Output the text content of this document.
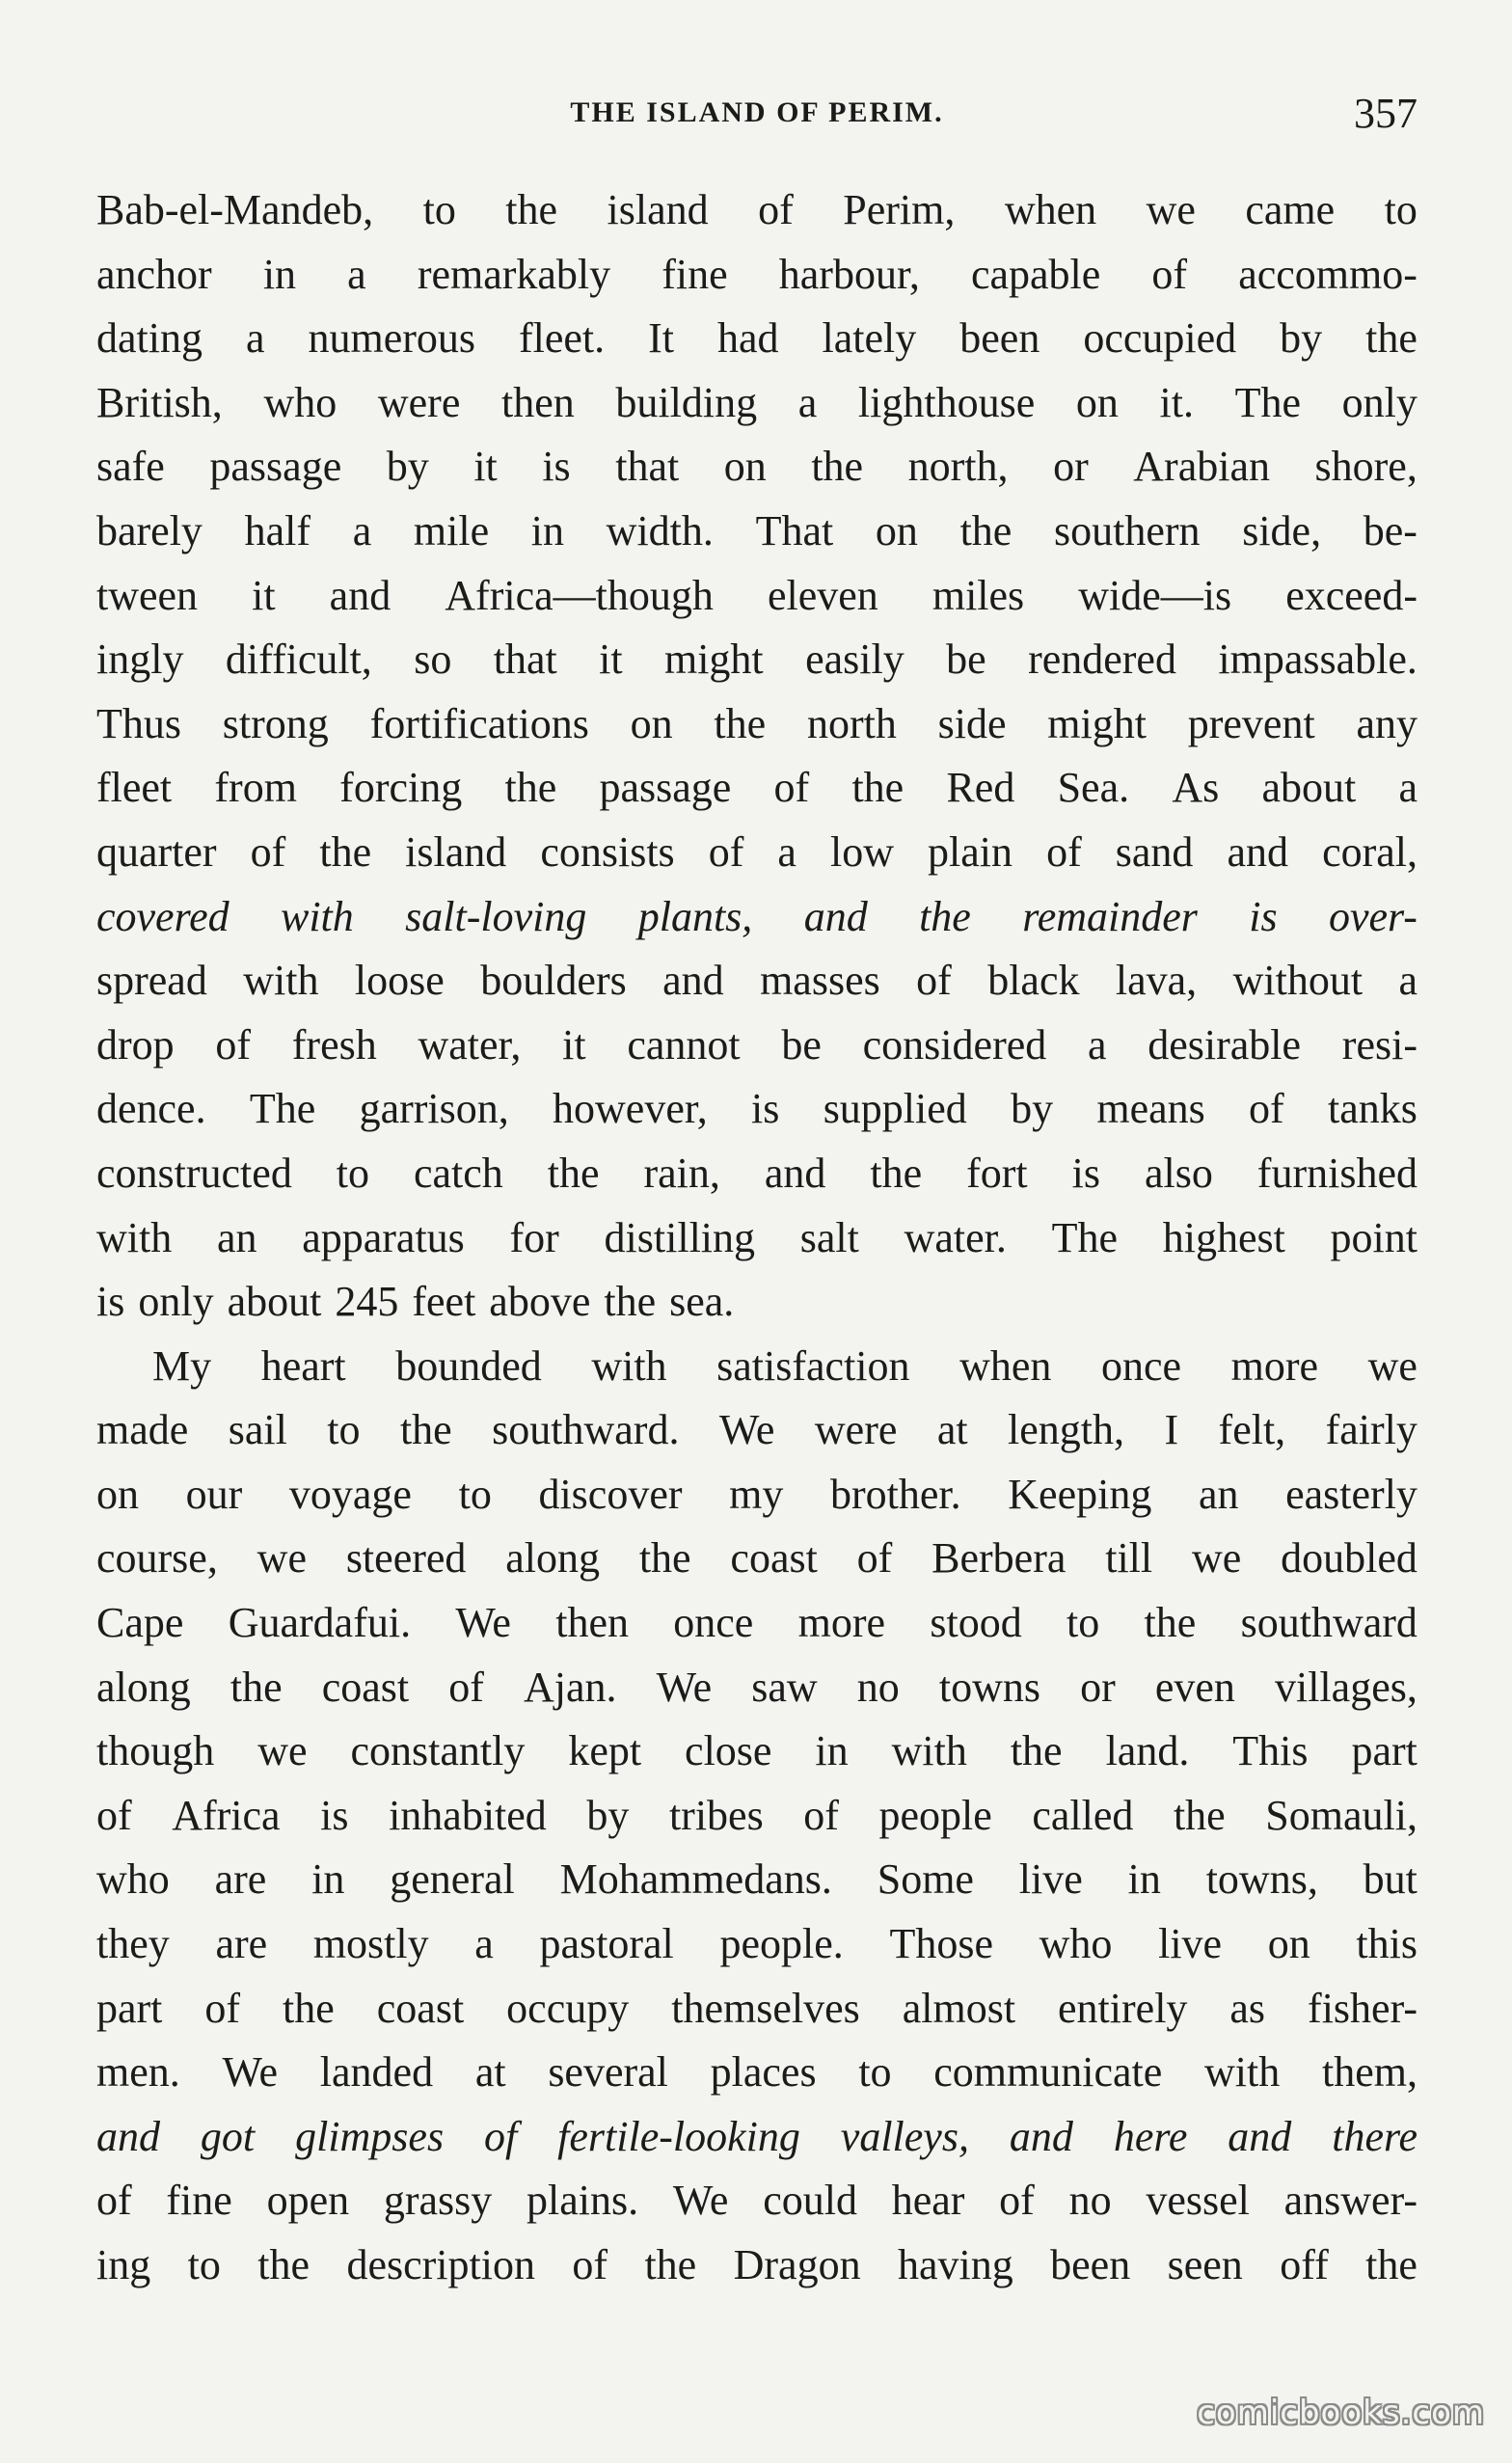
THE ISLAND OF PERIM.	357
Bab-el-Mandeb, to the island of Perim, when we came to
anchor in a remarkably fine harbour, capable of accommo-
dating a numerous fleet. It had lately been occupied by the
British, who were then building a lighthouse on it. The only
safe passage by it is that on the north, or Arabian shore,
barely half a mile in width. That on the southern side, be-
tween it and Africa—though eleven miles wide—is exceed-
ingly difficult, so that it might easily be rendered impassable.
Thus strong fortifications on the north side might prevent any
fleet from forcing the passage of the Red Sea. As about a
quarter of the island consists of a low plain of sand and coral,
covered with salt-loving plants, and the remainder is over-
spread with loose boulders and masses of black lava, without a
drop of fresh water, it cannot be considered a desirable resi-
dence. The garrison, however, is supplied by means of tanks
constructed to catch the rain, and the fort is also furnished
with an apparatus for distilling salt water. The highest point
is only about 245 feet above the sea.
My heart bounded with satisfaction when once more we
made sail to the southward. We were at length, I felt, fairly
on our voyage to discover my brother. Keeping an easterly
course, we steered along the coast of Berbera till we doubled
Cape Guardafui. We then once more stood to the southward
along the coast of Ajan. We saw no towns or even villages,
though we constantly kept close in with the land. This part
of Africa is inhabited by tribes of people called the Somauli,
who are in general Mohammedans. Some live in towns, but
they are mostly a pastoral people. Those who live on this
part of the coast occupy themselves almost entirely as fisher-
men. We landed at several places to communicate with them,
and got glimpses of fertile-looking valleys, and here and there
of fine open grassy plains. We could hear of no vessel answer-
ing to the description of the Dragon having been seen off the
comicbooks.com
